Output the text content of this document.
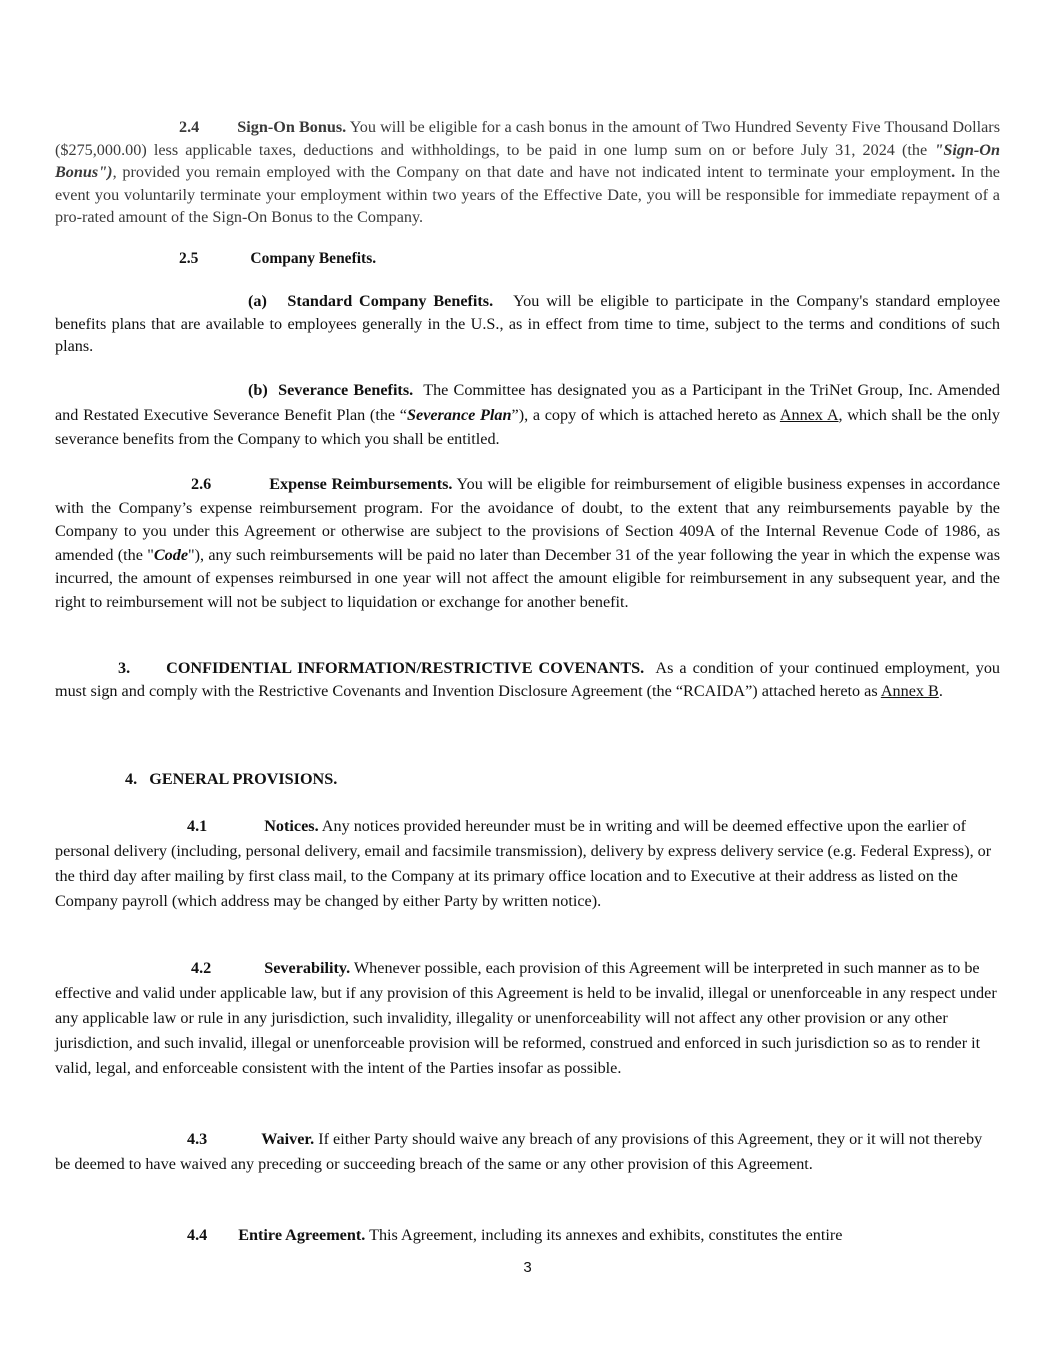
2.4 Sign-On Bonus. You will be eligible for a cash bonus in the amount of Two Hundred Seventy Five Thousand Dollars ($275,000.00) less applicable taxes, deductions and withholdings, to be paid in one lump sum on or before July 31, 2024 (the "Sign-On Bonus"), provided you remain employed with the Company on that date and have not indicated intent to terminate your employment. In the event you voluntarily terminate your employment within two years of the Effective Date, you will be responsible for immediate repayment of a pro-rated amount of the Sign-On Bonus to the Company.

2.5	Company Benefits.

(a) Standard Company Benefits. You will be eligible to participate in the Company's standard employee benefits plans that are available to employees generally in the U.S., as in effect from time to time, subject to the terms and conditions of such plans.

(b) Severance Benefits. The Committee has designated you as a Participant in the TriNet Group, Inc. Amended and Restated Executive Severance Benefit Plan (the “Severance Plan”), a copy of which is attached hereto as Annex A, which shall be the only severance benefits from the Company to which you shall be entitled.

2.6	Expense Reimbursements. You will be eligible for reimbursement of eligible business expenses in accordance with the Company’s expense reimbursement program. For the avoidance of doubt, to the extent that any reimbursements payable by the Company to you under this Agreement or otherwise are subject to the provisions of Section 409A of the Internal Revenue Code of 1986, as amended (the "Code"), any such reimbursements will be paid no later than December 31 of the year following the year in which the expense was incurred, the amount of expenses reimbursed in one year will not affect the amount eligible for reimbursement in any subsequent year, and the right to reimbursement will not be subject to liquidation or exchange for another benefit.

3. CONFIDENTIAL INFORMATION/RESTRICTIVE COVENANTS. As a condition of your continued employment, you must sign and comply with the Restrictive Covenants and Invention Disclosure Agreement (the “RCAIDA”) attached hereto as Annex B.

4. GENERAL PROVISIONS.

4.1	Notices. Any notices provided hereunder must be in writing and will be deemed effective upon the earlier of personal delivery (including, personal delivery, email and facsimile transmission), delivery by express delivery service (e.g. Federal Express), or the third day after mailing by first class mail, to the Company at its primary office location and to Executive at their address as listed on the Company payroll (which address may be changed by either Party by written notice).

4.2	Severability. Whenever possible, each provision of this Agreement will be interpreted in such manner as to be effective and valid under applicable law, but if any provision of this Agreement is held to be invalid, illegal or unenforceable in any respect under any applicable law or rule in any jurisdiction, such invalidity, illegality or unenforceability will not affect any other provision or any other jurisdiction, and such invalid, illegal or unenforceable provision will be reformed, construed and enforced in such jurisdiction so as to render it valid, legal, and enforceable consistent with the intent of the Parties insofar as possible.

4.3	Waiver. If either Party should waive any breach of any provisions of this Agreement, they or it will not thereby be deemed to have waived any preceding or succeeding breach of the same or any other provision of this Agreement.

4.4 Entire Agreement. This Agreement, including its annexes and exhibits, constitutes the entire

3
